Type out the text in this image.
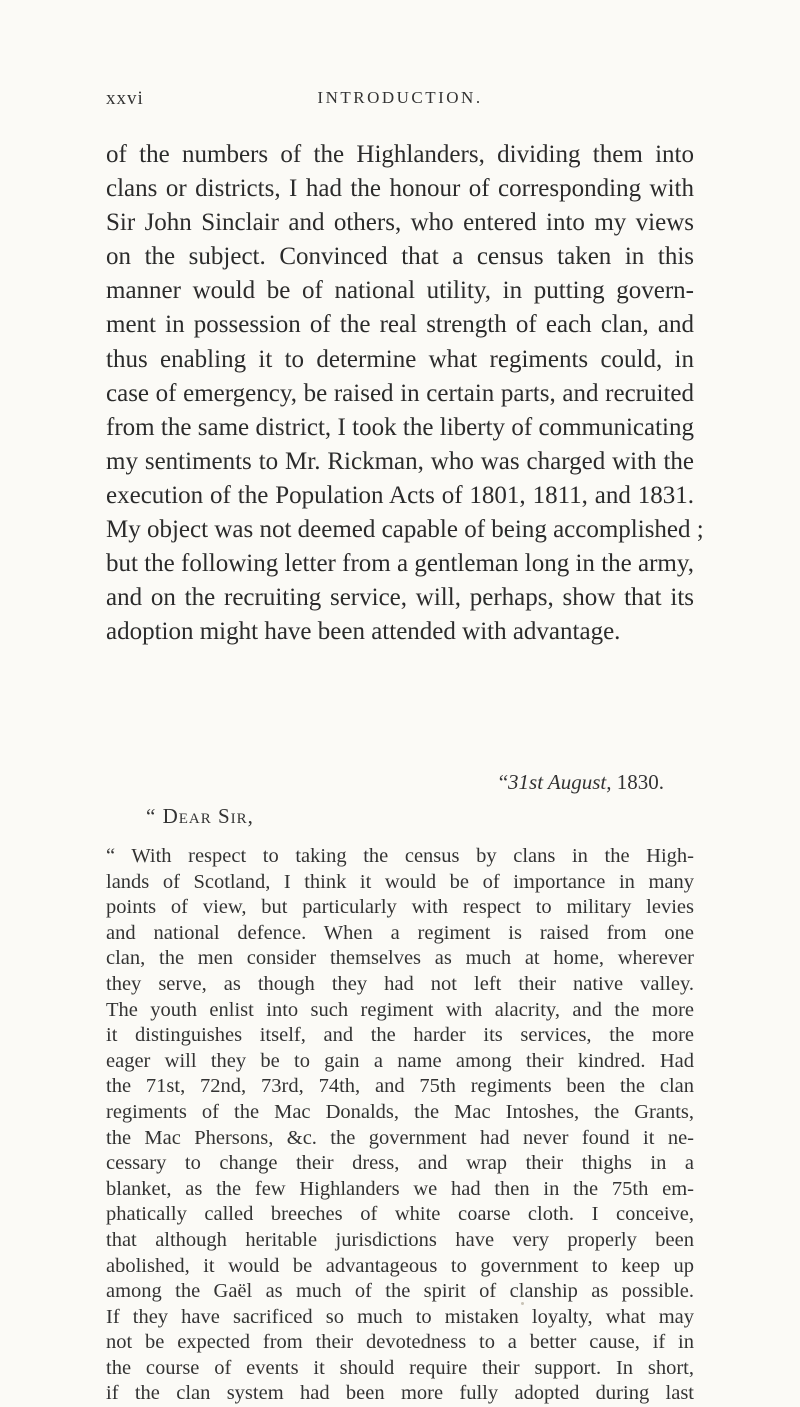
xxvi	INTRODUCTION.
of the numbers of the Highlanders, dividing them into
clans or districts, I had the honour of corresponding with
Sir John Sinclair and others, who entered into my views
on the subject. Convinced that a census taken in this
manner would be of national utility, in putting govern-
ment in possession of the real strength of each clan, and
thus enabling it to determine what regiments could, in
case of emergency, be raised in certain parts, and recruited
from the same district, I took the liberty of communicating
my sentiments to Mr. Rickman, who was charged with the
execution of the Population Acts of 1801, 1811, and 1831.
My object was not deemed capable of being accomplished ;
but the following letter from a gentleman long in the army,
and on the recruiting service, will, perhaps, show that its
adoption might have been attended with advantage.
“31st August, 1830.
“ Dear Sir,
“ With respect to taking the census by clans in the High-
lands of Scotland, I think it would be of importance in many
points of view, but particularly with respect to military levies
and national defence. When a regiment is raised from one
clan, the men consider themselves as much at home, wherever
they serve, as though they had not left their native valley.
The youth enlist into such regiment with alacrity, and the more
it distinguishes itself, and the harder its services, the more
eager will they be to gain a name among their kindred. Had
the 71st, 72nd, 73rd, 74th, and 75th regiments been the clan
regiments of the Mac Donalds, the Mac Intoshes, the Grants,
the Mac Phersons, &c. the government had never found it ne-
cessary to change their dress, and wrap their thighs in a
blanket, as the few Highlanders we had then in the 75th em-
phatically called breeches of white coarse cloth. I conceive,
that although heritable jurisdictions have very properly been
abolished, it would be advantageous to government to keep up
among the Gaël as much of the spirit of clanship as possible.
If they have sacrificed so much to mistaken loyalty, what may
not be expected from their devotedness to a better cause, if in
the course of events it should require their support. In short,
if the clan system had been more fully adopted during last
